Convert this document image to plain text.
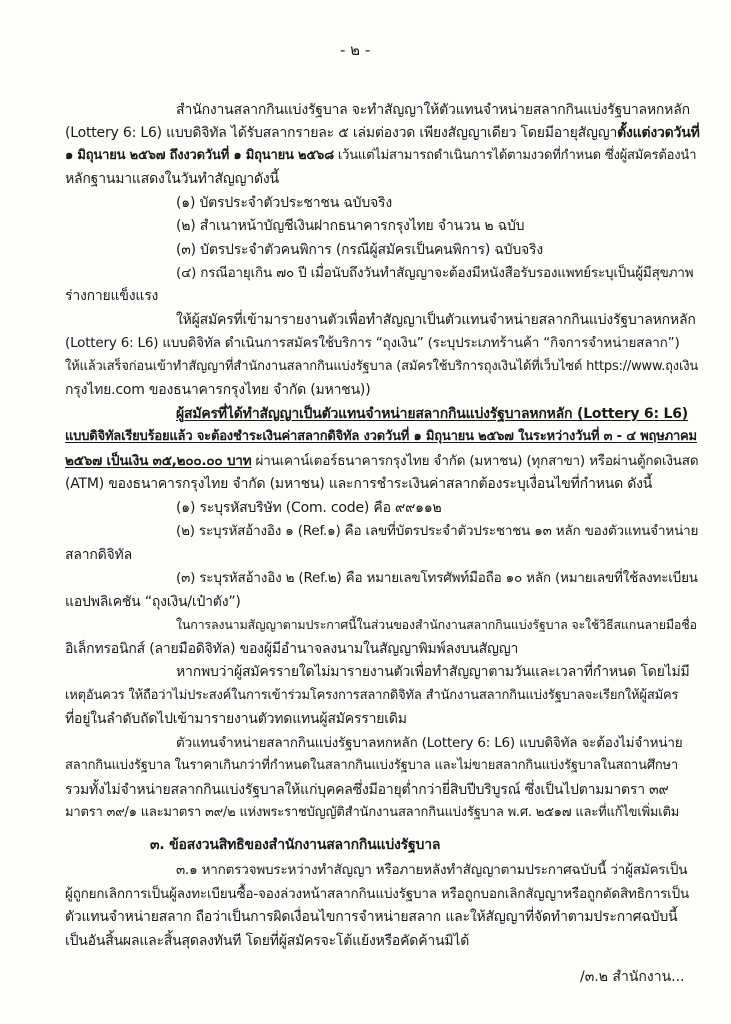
- ๒ -
สำนักงานสลากกินแบ่งรัฐบาล จะทำสัญญาให้ตัวแทนจำหน่ายสลากกินแบ่งรัฐบาลหกหลัก
(Lottery 6: L6) แบบดิจิทัล ได้รับสลากรายละ ๕ เล่มต่องวด เพียงสัญญาเดียว โดยมีอายุสัญญาตั้งแต่งวดวันที่
๑ มิถุนายน ๒๕๖๗ ถึงงวดวันที่ ๑ มิถุนายน ๒๕๖๘ เว้นแต่ไม่สามารถดำเนินการได้ตามงวดที่กำหนด ซึ่งผู้สมัครต้องนำ
หลักฐานมาแสดงในวันทำสัญญาดังนี้
(๑) บัตรประจำตัวประชาชน ฉบับจริง
(๒) สำเนาหน้าบัญชีเงินฝากธนาคารกรุงไทย จำนวน ๒ ฉบับ
(๓) บัตรประจำตัวคนพิการ (กรณีผู้สมัครเป็นคนพิการ) ฉบับจริง
(๔) กรณีอายุเกิน ๗๐ ปี เมื่อนับถึงวันทำสัญญาจะต้องมีหนังสือรับรองแพทย์ระบุเป็นผู้มีสุขภาพ
ร่างกายแข็งแรง
ให้ผู้สมัครที่เข้ามารายงานตัวเพื่อทำสัญญาเป็นตัวแทนจำหน่ายสลากกินแบ่งรัฐบาลหกหลัก
(Lottery 6: L6) แบบดิจิทัล ดำเนินการสมัครใช้บริการ “ถุงเงิน” (ระบุประเภทร้านค้า “กิจการจำหน่ายสลาก”)
ให้แล้วเสร็จก่อนเข้าทำสัญญาที่สำนักงานสลากกินแบ่งรัฐบาล (สมัครใช้บริการถุงเงินได้ที่เว็บไซต์ https://www.ถุงเงิน
กรุงไทย.com ของธนาคารกรุงไทย จำกัด (มหาชน))
ผู้สมัครที่ได้ทำสัญญาเป็นตัวแทนจำหน่ายสลากกินแบ่งรัฐบาลหกหลัก (Lottery 6: L6)
แบบดิจิทัลเรียบร้อยแล้ว จะต้องชำระเงินค่าสลากดิจิทัล งวดวันที่ ๑ มิถุนายน ๒๕๖๗ ในระหว่างวันที่ ๓ - ๔ พฤษภาคม
๒๕๖๗ เป็นเงิน ๓๕,๒๐๐.๐๐ บาท ผ่านเคาน์เตอร์ธนาคารกรุงไทย จำกัด (มหาชน) (ทุกสาขา) หรือผ่านตู้กดเงินสด
(ATM) ของธนาคารกรุงไทย จำกัด (มหาชน) และการชำระเงินค่าสลากต้องระบุเงื่อนไขที่กำหนด ดังนี้
(๑) ระบุรหัสบริษัท (Com. code) คือ ๙๙๑๑๒
(๒) ระบุรหัสอ้างอิง ๑ (Ref.๑) คือ เลขที่บัตรประจำตัวประชาชน ๑๓ หลัก ของตัวแทนจำหน่าย
สลากดิจิทัล
(๓) ระบุรหัสอ้างอิง ๒ (Ref.๒) คือ หมายเลขโทรศัพท์มือถือ ๑๐ หลัก (หมายเลขที่ใช้ลงทะเบียน
แอปพลิเคชัน “ถุงเงิน/เป๋าตัง”)
ในการลงนามสัญญาตามประกาศนี้ในส่วนของสำนักงานสลากกินแบ่งรัฐบาล จะใช้วิธีสแกนลายมือชื่อ
อิเล็กทรอนิกส์ (ลายมือดิจิทัล) ของผู้มีอำนาจลงนามในสัญญาพิมพ์ลงบนสัญญา
หากพบว่าผู้สมัครรายใดไม่มารายงานตัวเพื่อทำสัญญาตามวันและเวลาที่กำหนด โดยไม่มี
เหตุอันควร ให้ถือว่าไม่ประสงค์ในการเข้าร่วมโครงการสลากดิจิทัล สำนักงานสลากกินแบ่งรัฐบาลจะเรียกให้ผู้สมัคร
ที่อยู่ในลำดับถัดไปเข้ามารายงานตัวทดแทนผู้สมัครรายเดิม
ตัวแทนจำหน่ายสลากกินแบ่งรัฐบาลหกหลัก (Lottery 6: L6) แบบดิจิทัล จะต้องไม่จำหน่าย
สลากกินแบ่งรัฐบาล ในราคาเกินกว่าที่กำหนดในสลากกินแบ่งรัฐบาล และไม่ขายสลากกินแบ่งรัฐบาลในสถานศึกษา
รวมทั้งไม่จำหน่ายสลากกินแบ่งรัฐบาลให้แก่บุคคลซึ่งมีอายุต่ำกว่ายี่สิบปีบริบูรณ์ ซึ่งเป็นไปตามมาตรา ๓๙
มาตรา ๓๙/๑ และมาตรา ๓๙/๒ แห่งพระราชบัญญัติสำนักงานสลากกินแบ่งรัฐบาล พ.ศ. ๒๕๑๗ และที่แก้ไขเพิ่มเติม
๓. ข้อสงวนสิทธิของสำนักงานสลากกินแบ่งรัฐบาล
๓.๑ หากตรวจพบระหว่างทำสัญญา หรือภายหลังทำสัญญาตามประกาศฉบับนี้ ว่าผู้สมัครเป็น
ผู้ถูกยกเลิกการเป็นผู้ลงทะเบียนซื้อ-จองล่วงหน้าสลากกินแบ่งรัฐบาล หรือถูกบอกเลิกสัญญาหรือถูกตัดสิทธิการเป็น
ตัวแทนจำหน่ายสลาก ถือว่าเป็นการผิดเงื่อนไขการจำหน่ายสลาก และให้สัญญาที่จัดทำตามประกาศฉบับนี้
เป็นอันสิ้นผลและสิ้นสุดลงทันที โดยที่ผู้สมัครจะโต้แย้งหรือคัดค้านมิได้
/๓.๒ สำนักงาน...
